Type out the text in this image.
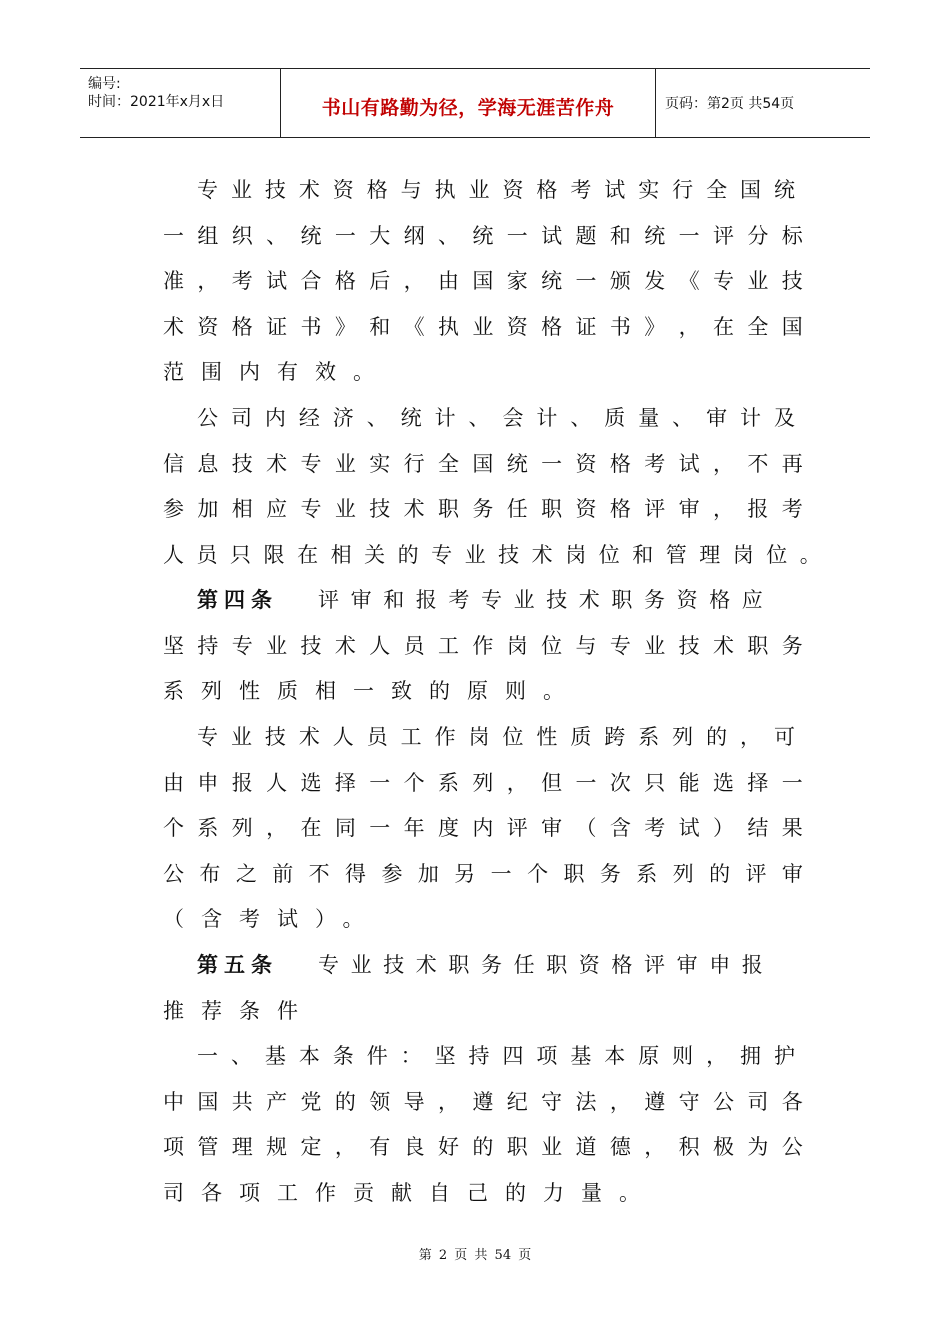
编号:
时间：2021年x月x日	书山有路勤为径，学海无涯苦作舟	页码：第2页 共54页
专 业 技 术 资 格 与 执 业 资 格 考 试 实 行 全 国 统
一 组 织 、 统 一 大 纲 、 统 一 试 题 和 统 一 评 分 标
准 ， 考 试 合 格 后 ， 由 国 家 统 一 颁 发 《 专 业 技
术 资 格 证 书 》 和 《 执 业 资 格 证 书 》 ， 在 全 国
范围内有效。
公 司 内 经 济 、 统 计 、 会 计 、 质 量 、 审 计 及
信 息 技 术 专 业 实 行 全 国 统 一 资 格 考 试 ， 不 再
参 加 相 应 专 业 技 术 职 务 任 职 资 格 评 审 ， 报 考
人 员 只 限 在 相 关 的 专 业 技 术 岗 位 和 管 理 岗 位 。
第四条 评审和报考专业技术职务资格应
坚 持 专 业 技 术 人 员 工 作 岗 位 与 专 业 技 术 职 务
系列性质相一致的原则。
专 业 技 术 人 员 工 作 岗 位 性 质 跨 系 列 的 ， 可
由 申 报 人 选 择 一 个 系 列 ， 但 一 次 只 能 选 择 一
个 系 列 ， 在 同 一 年 度 内 评 审 （ 含 考 试 ） 结 果
公 布 之 前 不 得 参 加 另 一 个 职 务 系 列 的 评 审
（含考试）。
第五条 专业技术职务任职资格评审申报
推荐条件
一 、 基 本 条 件 ： 坚 持 四 项 基 本 原 则 ， 拥 护
中 国 共 产 党 的 领 导 ， 遵 纪 守 法 ， 遵 守 公 司 各
项 管 理 规 定 ， 有 良 好 的 职 业 道 德 ， 积 极 为 公
司各项工作贡献自己的力量。
第 2 页 共 54 页
